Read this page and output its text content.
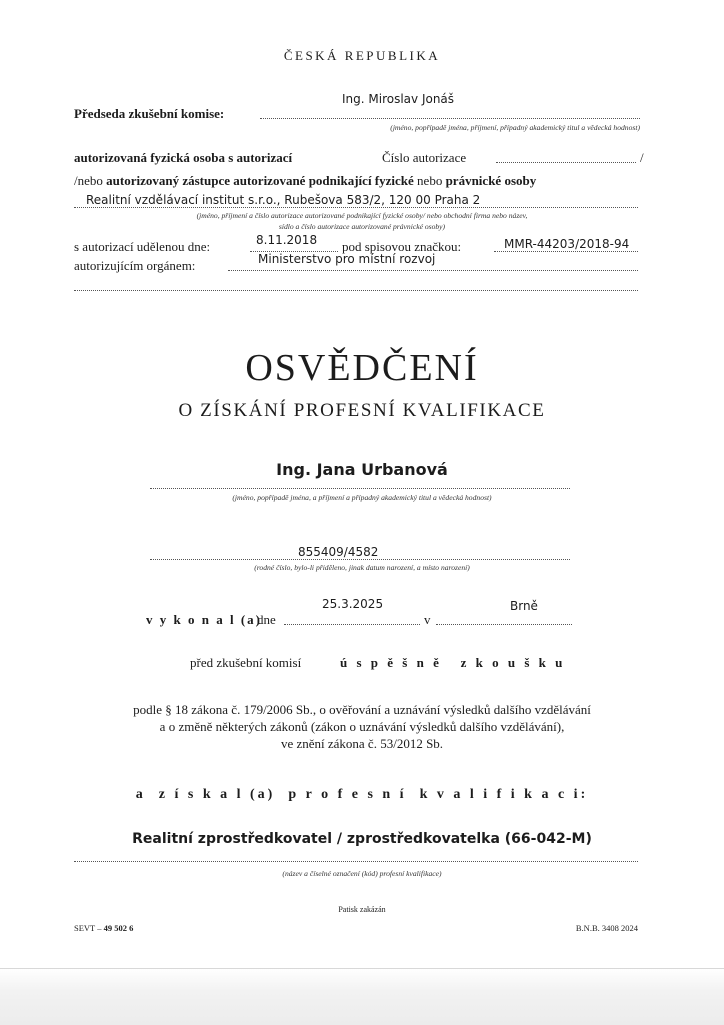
ČESKÁ REPUBLIKA
Ing. Miroslav Jonáš
Předseda zkušební komise:
(jméno, popřípadě jména, příjmení, případný akademický titul a vědecká hodnost)
autorizovaná fyzická osoba s autorizací	Číslo autorizace	/
/nebo autorizovaný zástupce autorizované podnikající fyzické nebo právnické osoby
Realitní vzdělávací institut s.r.o., Rubešova 583/2, 120 00 Praha 2
(jméno, příjmení a číslo autorizace autorizované podnikající fyzické osoby/ nebo obchodní firma nebo název,
sídlo a číslo autorizace autorizované právnické osoby)
s autorizací udělenou dne:	8.11.2018 pod spisovou značkou:	MMR-44203/2018-94
Ministerstvo pro místní rozvoj
autorizujícím orgánem:
OSVĚDČENÍ
O ZÍSKÁNÍ PROFESNÍ KVALIFIKACE
Ing. Jana Urbanová
(jméno, popřípadě jména, a příjmení a případný akademický titul a vědecká hodnost)
855409/4582
(rodné číslo, bylo-li přiděleno, jinak datum narození, a místo narození)
25.3.2025	Brně
v y k o n a l (a)
dne	v
před zkušební komisí	ú s p ě š n ě   z k o u š k u
podle § 18 zákona č. 179/2006 Sb., o ověřování a uznávání výsledků dalšího vzdělávání
a o změně některých zákonů (zákon o uznávání výsledků dalšího vzdělávání),
ve znění zákona č. 53/2012 Sb.
a  z í s k a l (a)  p r o f e s n í  k v a l i f i k a c i:
Realitní zprostředkovatel / zprostředkovatelka (66-042-M)
(název a číselné označení (kód) profesní kvalifikace)
Patisk zakázán
SEVT – 49 502 6	B.N.B. 3408 2024
